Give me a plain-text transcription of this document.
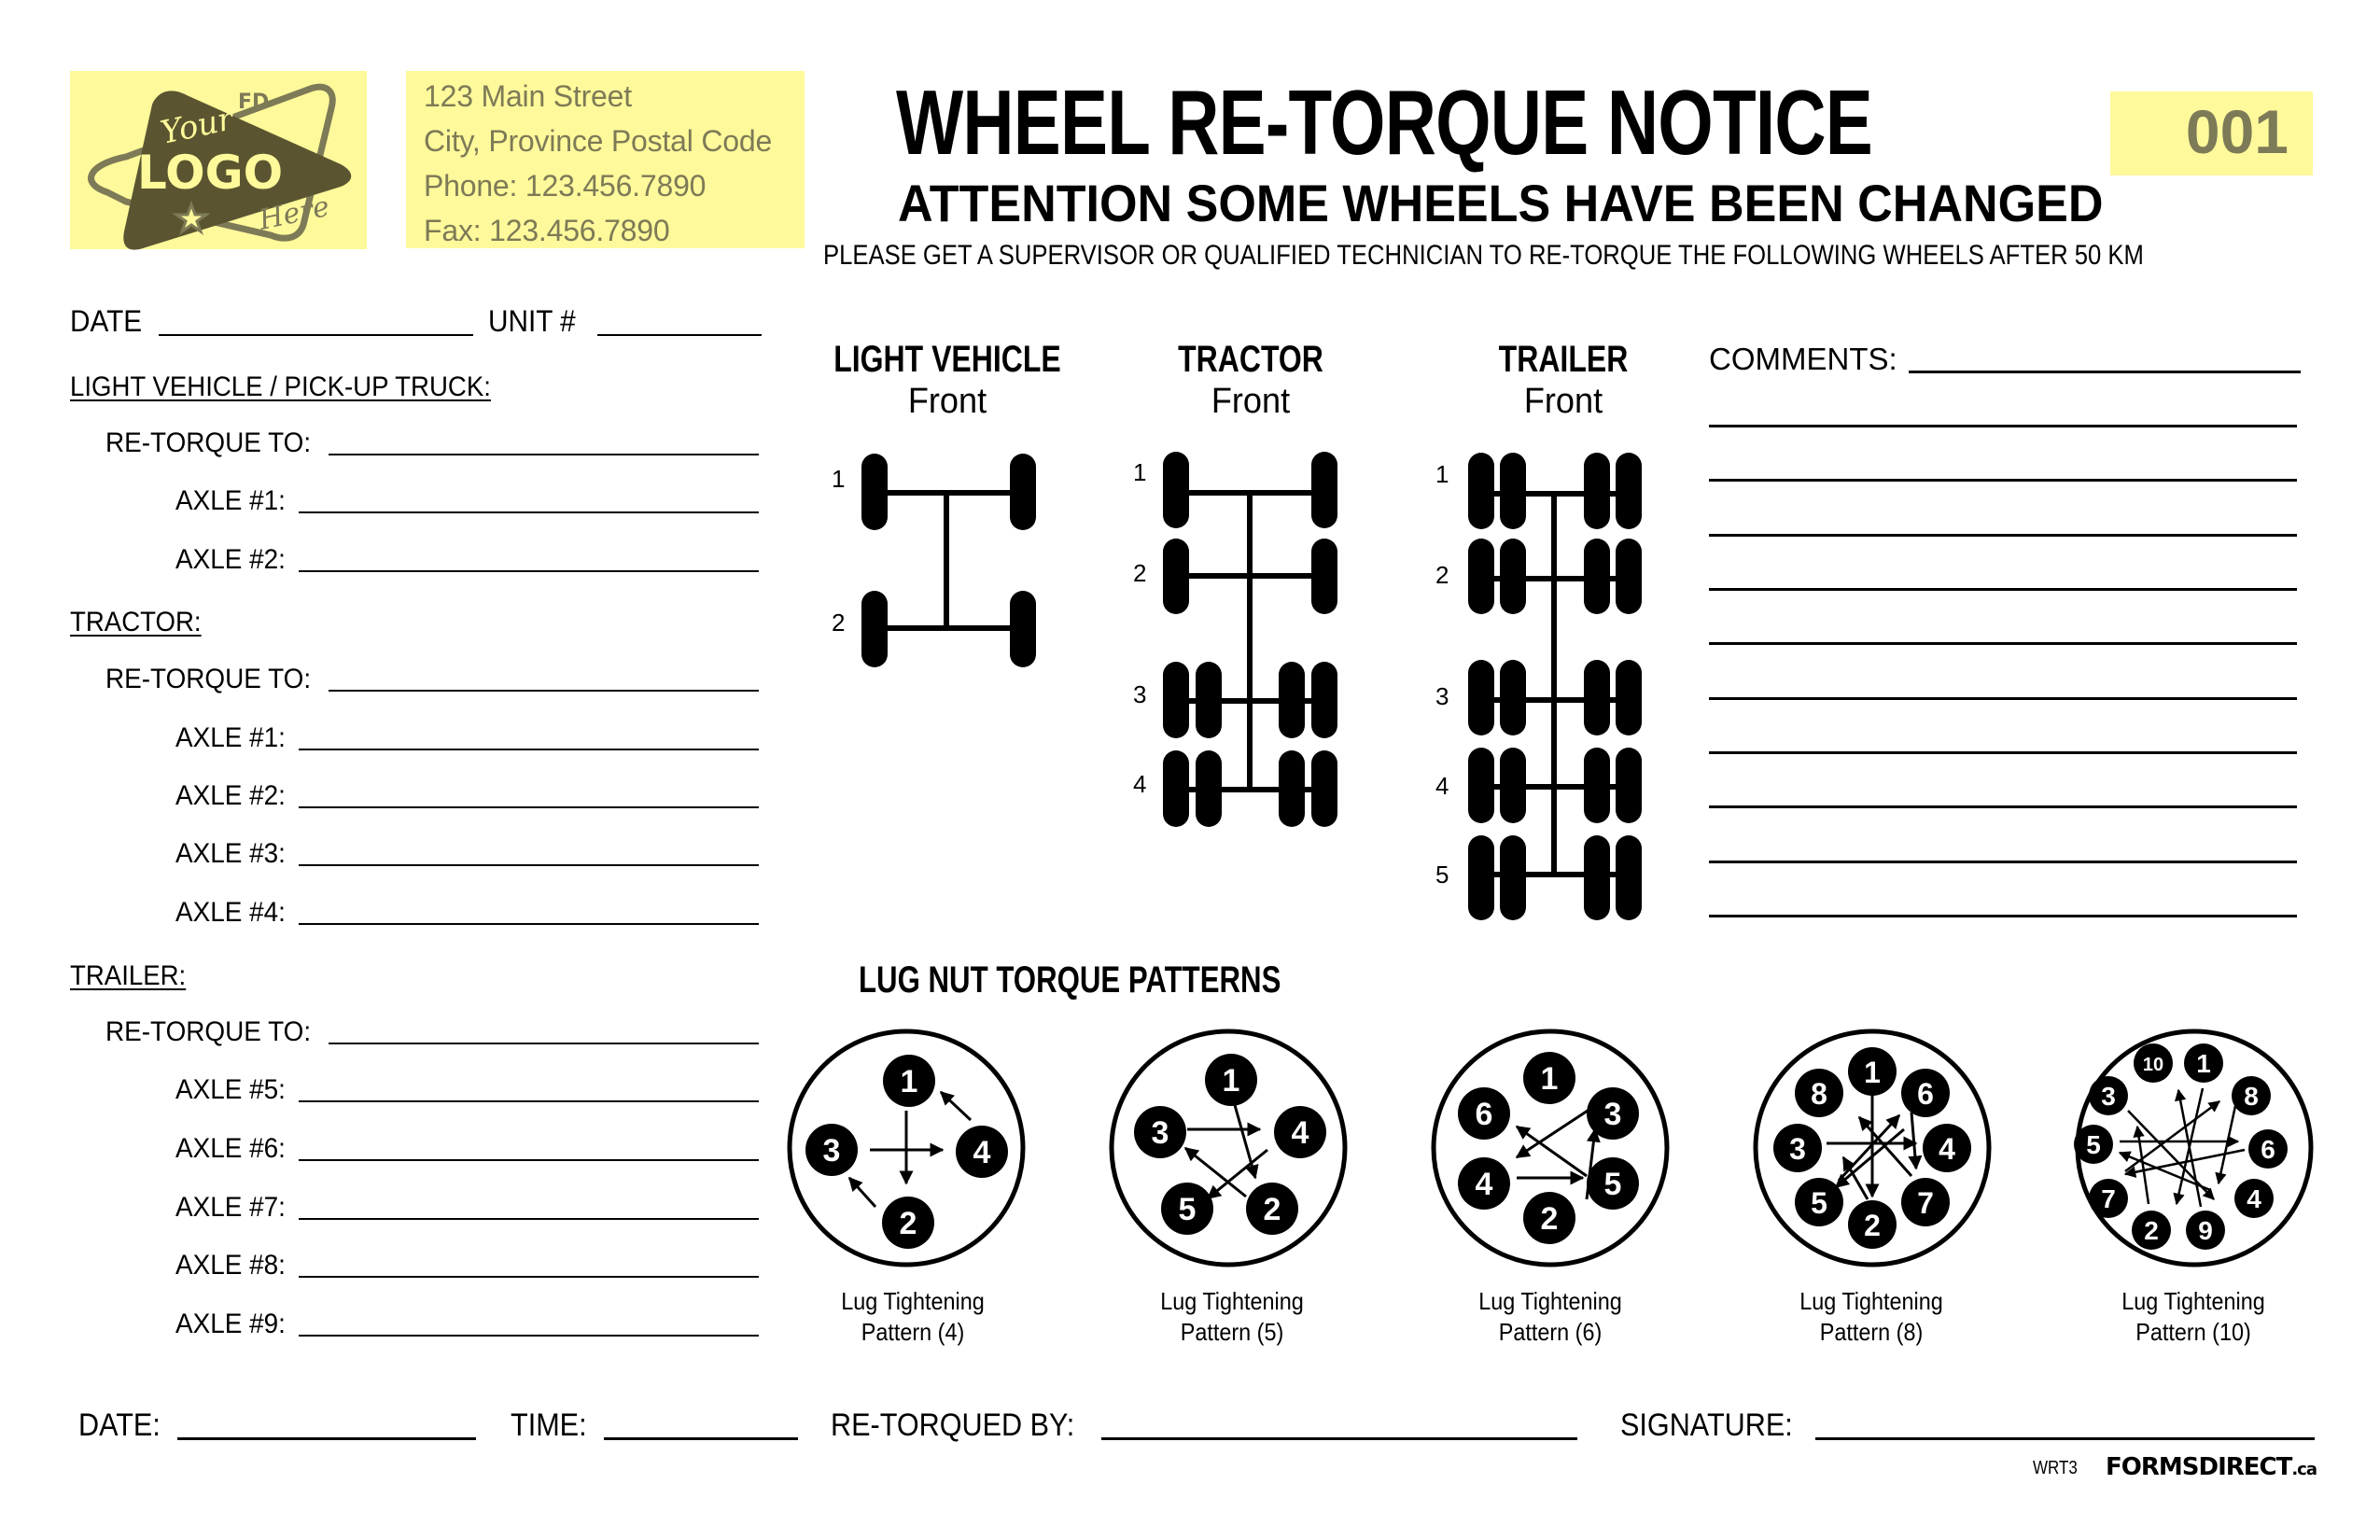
FD
Your
LOGO
Here
123 Main Street
City, Province Postal Code
Phone: 123.456.7890
Fax: 123.456.7890
WHEEL RE-TORQUE NOTICE
ATTENTION SOME WHEELS HAVE BEEN CHANGED
PLEASE GET A SUPERVISOR OR QUALIFIED TECHNICIAN TO RE-TORQUE THE FOLLOWING WHEELS AFTER 50 KM
001
DATE	UNIT #
LIGHT VEHICLE / PICK-UP TRUCK:
RE-TORQUE TO:
AXLE #1:
AXLE #2:
TRACTOR:
RE-TORQUE TO:
AXLE #1:
AXLE #2:
AXLE #3:
AXLE #4:
TRAILER:
RE-TORQUE TO:
AXLE #5:
AXLE #6:
AXLE #7:
AXLE #8:
AXLE #9:
LIGHT VEHICLE
Front
TRACTOR
Front
TRAILER
Front
1
2
1
2
3
4
1
2
3
4
5
COMMENTS:
LUG NUT TORQUE PATTERNS
1
4
2
3
1
4
2
5
3
1
3
5
2
4
6
1
6
4
7
2
5
3
8
1
8
6
4
9
2
7
5
3
10
Lug Tightening
Pattern (4)
Lug Tightening
Pattern (5)
Lug Tightening
Pattern (6)
Lug Tightening
Pattern (8)
Lug Tightening
Pattern (10)
DATE:	TIME:	RE-TORQUED BY:	SIGNATURE:
WRT3 FORMSDIRECT.ca
